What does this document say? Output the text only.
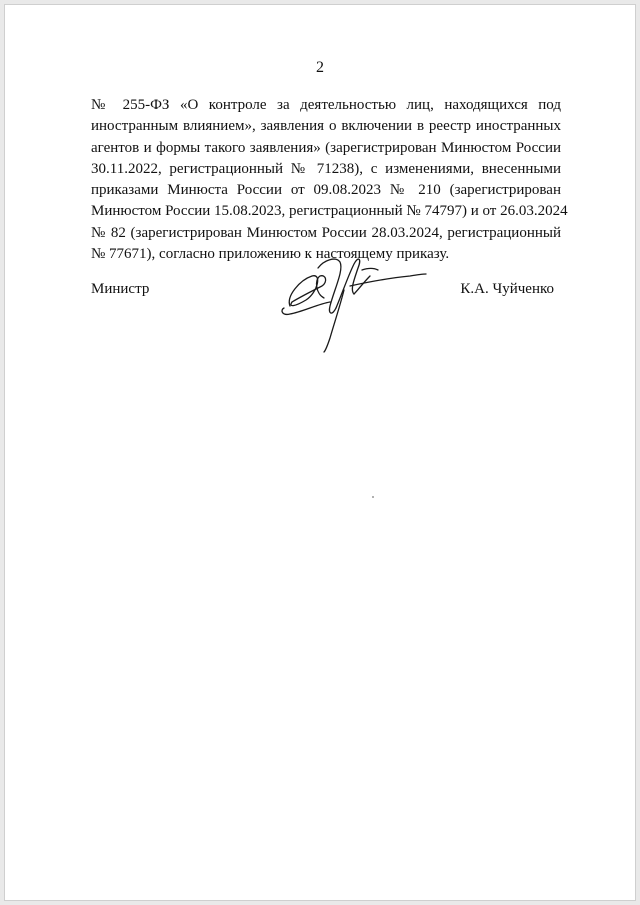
2
№ 255-ФЗ «О контроле за деятельностью лиц, находящихся под
иностранным влиянием», заявления о включении в реестр иностранных
агентов и формы такого заявления» (зарегистрирован Минюстом России
30.11.2022, регистрационный № 71238), с изменениями, внесенными
приказами Минюста России от 09.08.2023 № 210 (зарегистрирован
Минюстом России 15.08.2023, регистрационный № 74797) и от 26.03.2024
№ 82 (зарегистрирован Минюстом России 28.03.2024, регистрационный
№ 77671), согласно приложению к настоящему приказу.
Министр	К.А. Чуйченко
